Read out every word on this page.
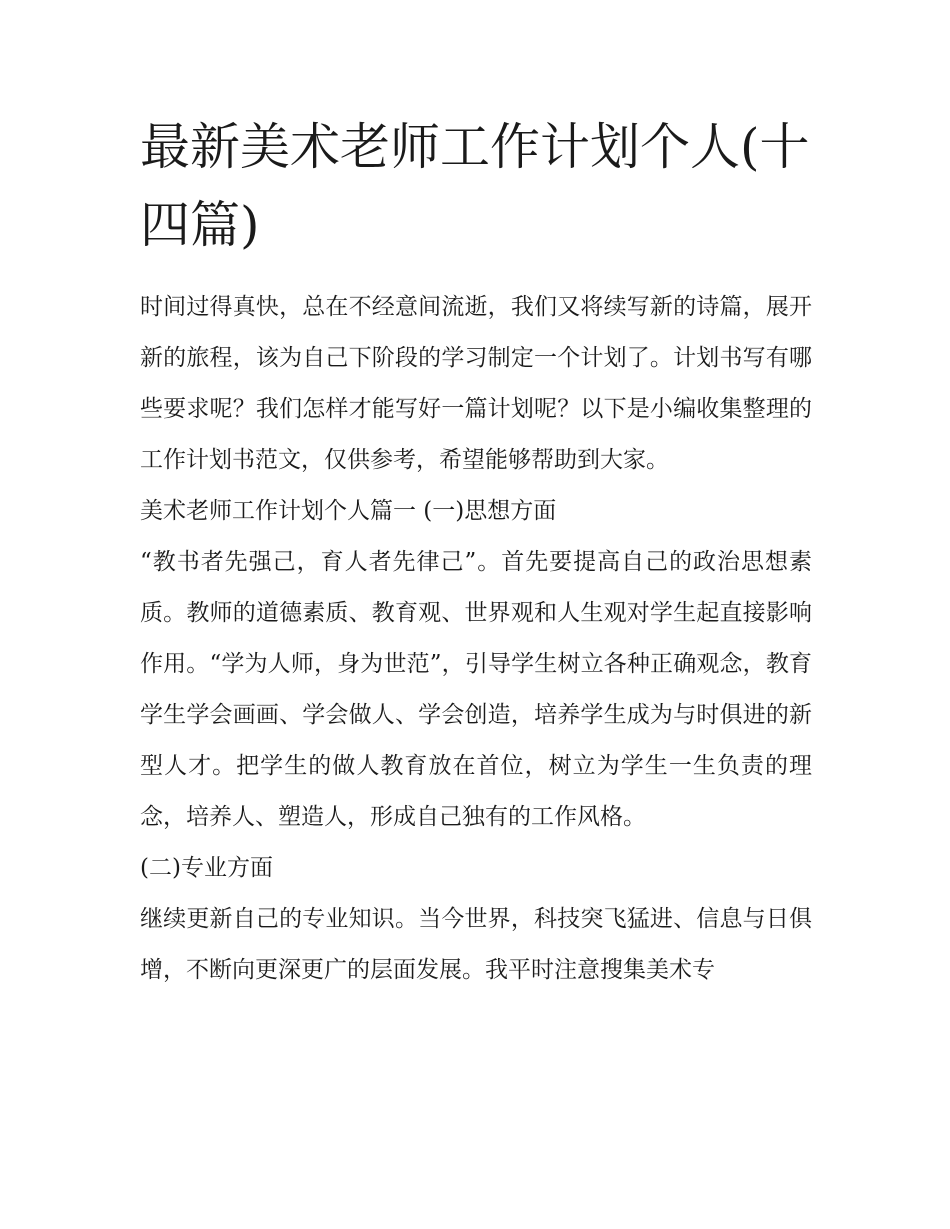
最新美术老师工作计划个人(十四篇)

时间过得真快，总在不经意间流逝，我们又将续写新的诗篇，展开新的旅程，该为自己下阶段的学习制定一个计划了。计划书写有哪些要求呢？我们怎样才能写好一篇计划呢？以下是小编收集整理的工作计划书范文，仅供参考，希望能够帮助到大家。

美术老师工作计划个人篇一 (一)思想方面

“教书者先强己，育人者先律己”。首先要提高自己的政治思想素质。教师的道德素质、教育观、世界观和人生观对学生起直接影响作用。“学为人师，身为世范”，引导学生树立各种正确观念，教育学生学会画画、学会做人、学会创造，培养学生成为与时俱进的新型人才。把学生的做人教育放在首位，树立为学生一生负责的理念，培养人、塑造人，形成自己独有的工作风格。

(二)专业方面

继续更新自己的专业知识。当今世界，科技突飞猛进、信息与日俱增，不断向更深更广的层面发展。我平时注意搜集美术专
